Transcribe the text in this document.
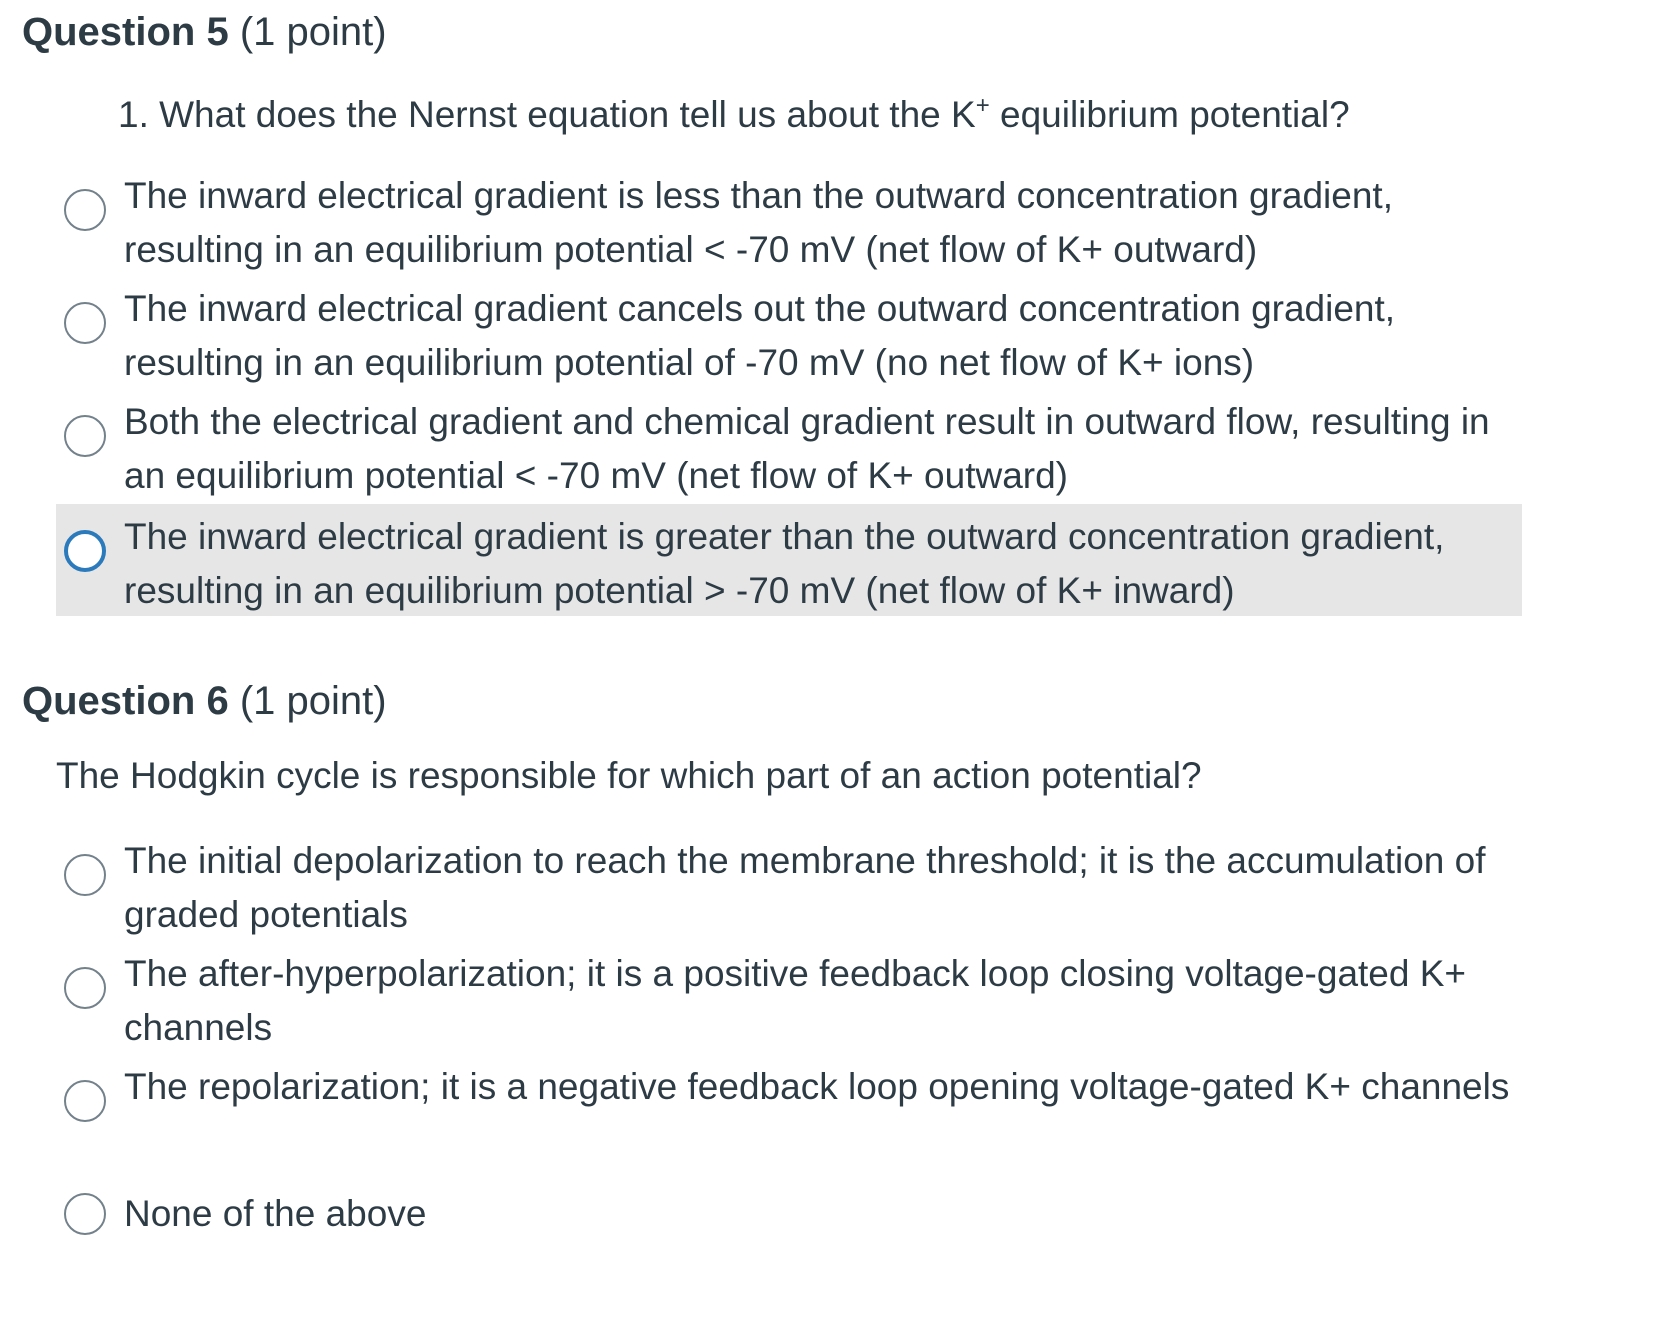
Question 5 (1 point)
1. What does the Nernst equation tell us about the K+ equilibrium potential?
The inward electrical gradient is less than the outward concentration gradient, resulting in an equilibrium potential < -70 mV (net flow of K+ outward)
The inward electrical gradient cancels out the outward concentration gradient, resulting in an equilibrium potential of -70 mV (no net flow of K+ ions)
Both the electrical gradient and chemical gradient result in outward flow, resulting in an equilibrium potential < -70 mV (net flow of K+ outward)
The inward electrical gradient is greater than the outward concentration gradient, resulting in an equilibrium potential > -70 mV (net flow of K+ inward)
Question 6 (1 point)
The Hodgkin cycle is responsible for which part of an action potential?
The initial depolarization to reach the membrane threshold; it is the accumulation of graded potentials
The after-hyperpolarization; it is a positive feedback loop closing voltage-gated K+ channels
The repolarization; it is a negative feedback loop opening voltage-gated K+ channels
None of the above
